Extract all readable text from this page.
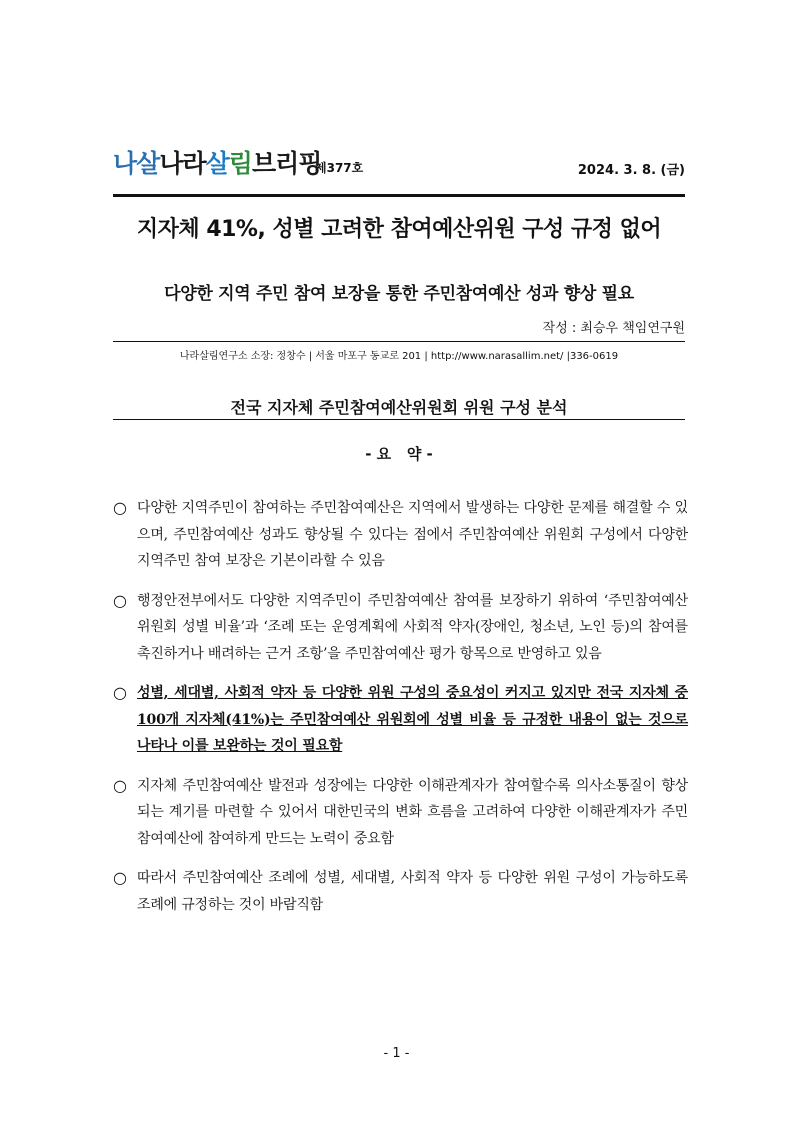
나살나라살림브리핑
제377호	2024. 3. 8. (금)
지자체 41%, 성별 고려한 참여예산위원 구성 규정 없어
다양한 지역 주민 참여 보장을 통한 주민참여예산 성과 향상 필요
작성 : 최승우 책임연구원
나라살림연구소 소장: 정창수 | 서울 마포구 동교로 201 | http://www.narasallim.net/ |336-0619
전국 지자체 주민참여예산위원회 위원 구성 분석
- 요   약 -
○ 다양한 지역주민이 참여하는 주민참여예산은 지역에서 발생하는 다양한 문제를 해결할 수 있으며, 주민참여예산 성과도 향상될 수 있다는 점에서 주민참여예산 위원회 구성에서 다양한 지역주민 참여 보장은 기본이라할 수 있음
○ 행정안전부에서도 다양한 지역주민이 주민참여예산 참여를 보장하기 위하여 ‘주민참여예산 위원회 성별 비율’과 ‘조례 또는 운영계획에 사회적 약자(장애인, 청소년, 노인 등)의 참여를 촉진하거나 배려하는 근거 조항’을 주민참여예산 평가 항목으로 반영하고 있음
○ 성별, 세대별, 사회적 약자 등 다양한 위원 구성의 중요성이 커지고 있지만 전국 지자체 중 100개 지자체(41%)는 주민참여예산 위원회에 성별 비율 등 규정한 내용이 없는 것으로 나타나 이를 보완하는 것이 필요함
○ 지자체 주민참여예산 발전과 성장에는 다양한 이해관계자가 참여할수록 의사소통질이 향상되는 계기를 마련할 수 있어서 대한민국의 변화 흐름을 고려하여 다양한 이해관계자가 주민참여예산에 참여하게 만드는 노력이 중요함
○ 따라서 주민참여예산 조례에 성별, 세대별, 사회적 약자 등 다양한 위원 구성이 가능하도록 조례에 규정하는 것이 바람직함
- 1 -
